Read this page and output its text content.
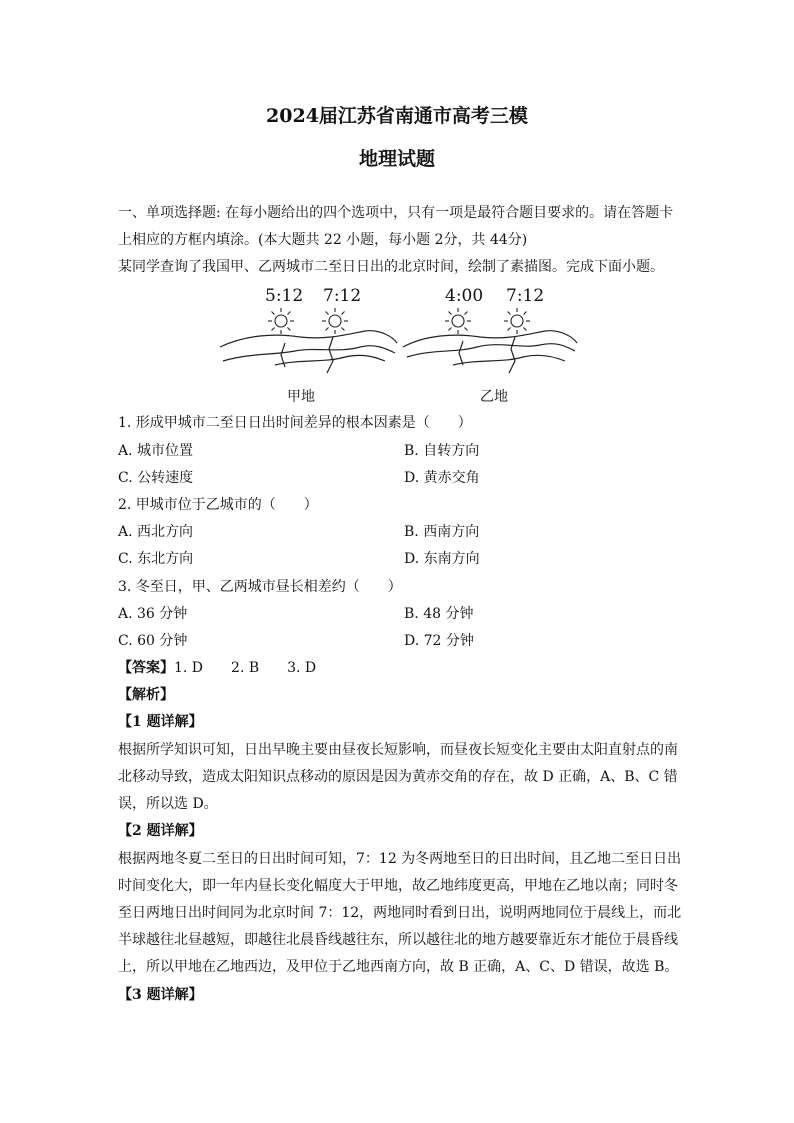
2024届江苏省南通市高考三模
地理试题
一、单项选择题: 在每小题给出的四个选项中，只有一项是最符合题目要求的。请在答题卡
上相应的方框内填涂。(本大题共 22 小题，每小题 2分，共 44分)
某同学查询了我国甲、乙两城市二至日日出的北京时间，绘制了素描图。完成下面小题。
5:12 7:12	4:00 7:12
甲地	乙地
1. 形成甲城市二至日日出时间差异的根本因素是（　　）
A. 城市位置	B. 自转方向
C. 公转速度	D. 黄赤交角
2. 甲城市位于乙城市的（　　）
A. 西北方向	B. 西南方向
C. 东北方向	D. 东南方向
3. 冬至日，甲、乙两城市昼长相差约（　　）
A. 36 分钟	B. 48 分钟
C. 60 分钟	D. 72 分钟
【答案】1. D　　2. B　　3. D
【解析】
【1 题详解】
根据所学知识可知，日出早晚主要由昼夜长短影响，而昼夜长短变化主要由太阳直射点的南
北移动导致，造成太阳知识点移动的原因是因为黄赤交角的存在，故 D 正确，A、B、C 错
误，所以选 D。
【2 题详解】
根据两地冬夏二至日的日出时间可知，7：12 为冬两地至日的日出时间，且乙地二至日日出
时间变化大，即一年内昼长变化幅度大于甲地，故乙地纬度更高，甲地在乙地以南；同时冬
至日两地日出时间同为北京时间 7：12，两地同时看到日出，说明两地同位于晨线上，而北
半球越往北昼越短，即越往北晨昏线越往东，所以越往北的地方越要靠近东才能位于晨昏线
上，所以甲地在乙地西边，及甲位于乙地西南方向，故 B 正确，A、C、D 错误，故选 B。
【3 题详解】
